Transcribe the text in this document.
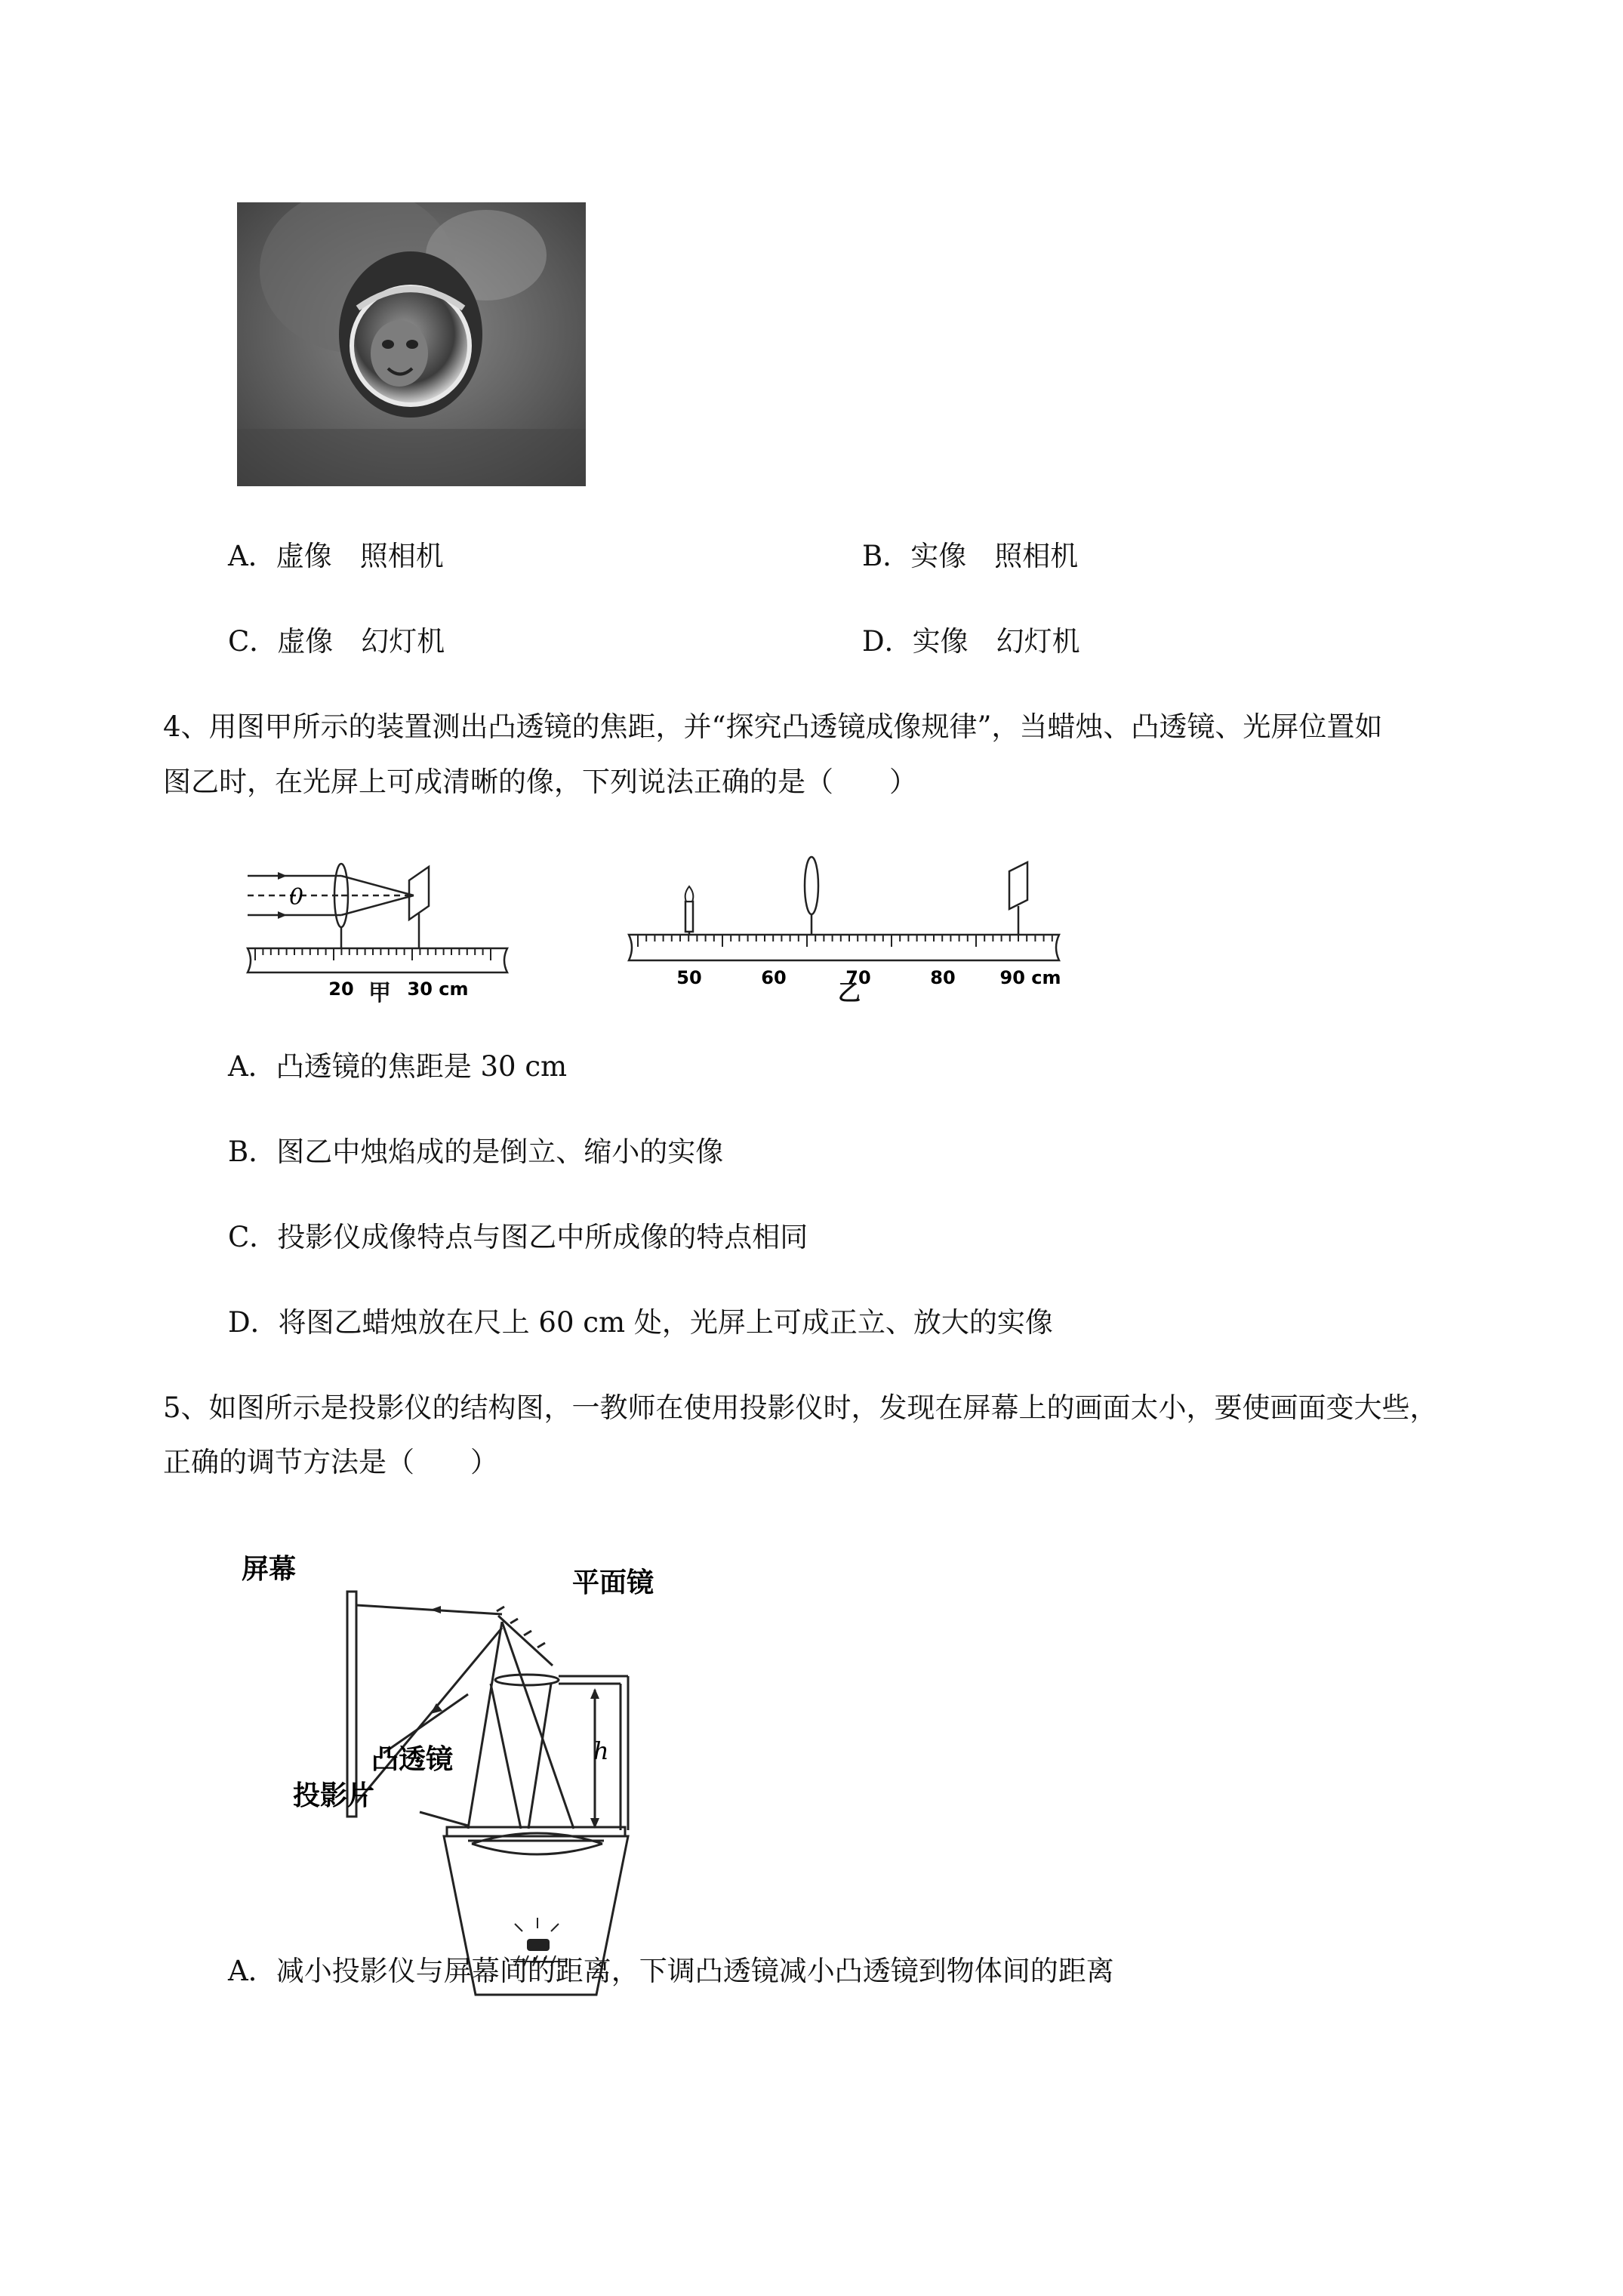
A．虚像　照相机	B．实像　照相机
C．虚像　幻灯机	D．实像　幻灯机
4、用图甲所示的装置测出凸透镜的焦距，并“探究凸透镜成像规律”，当蜡烛、凸透镜、光屏位置如
图乙时，在光屏上可成清晰的像，下列说法正确的是（　　）
0
20	30 cm
甲
50	60	70	80 90 cm
乙
A．凸透镜的焦距是 30 cm
B．图乙中烛焰成的是倒立、缩小的实像
C．投影仪成像特点与图乙中所成像的特点相同
D．将图乙蜡烛放在尺上 60 cm 处，光屏上可成正立、放大的实像
5、如图所示是投影仪的结构图，一教师在使用投影仪时，发现在屏幕上的画面太小，要使画面变大些，
正确的调节方法是（　　）
屏幕	平面镜
凸透镜
投影片
h
A．减小投影仪与屏幕间的距离，下调凸透镜减小凸透镜到物体间的距离
